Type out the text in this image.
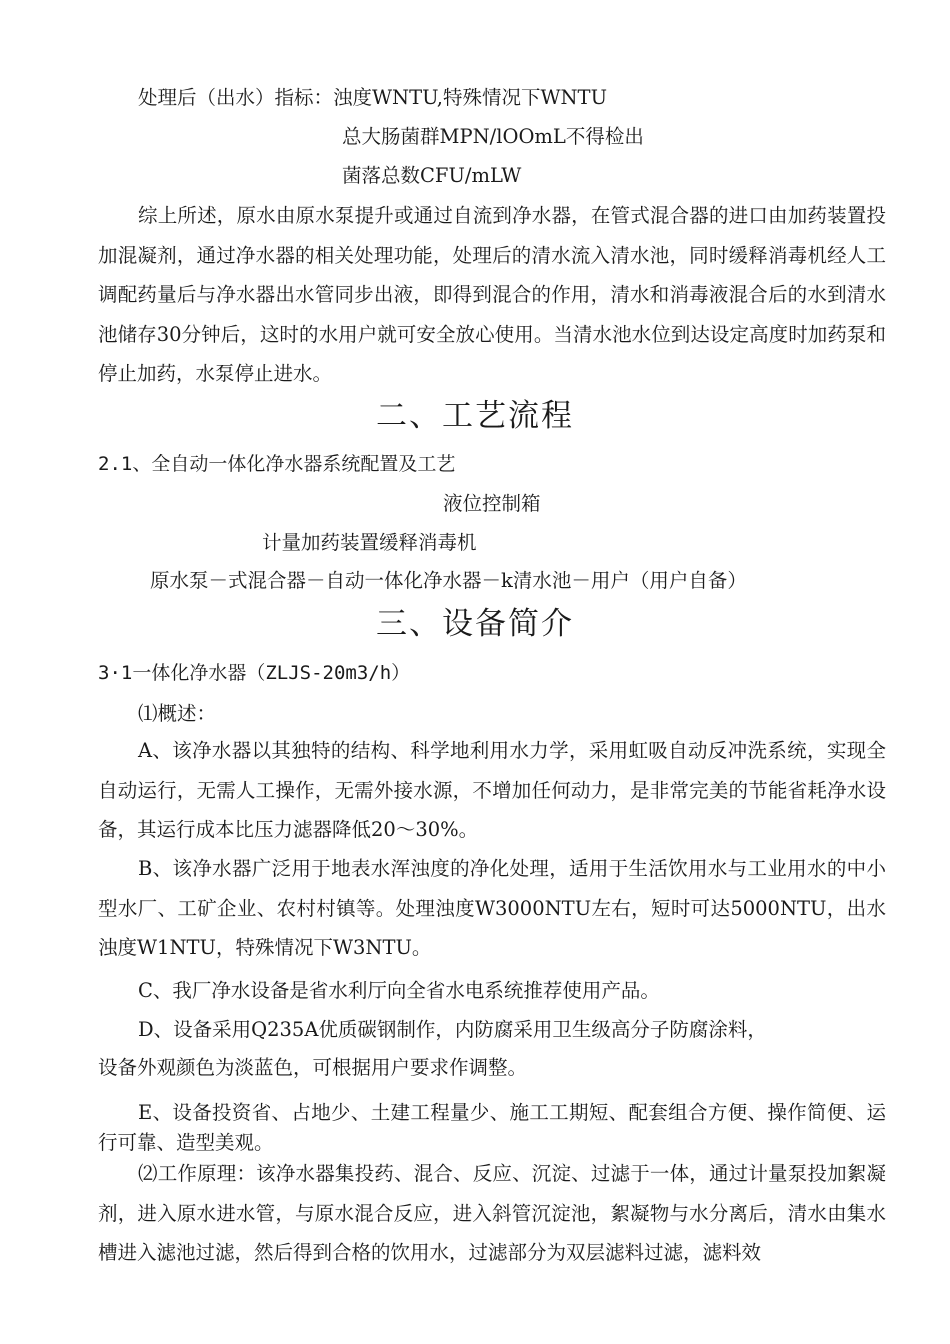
处理后（出水）指标：浊度WNTU,特殊情况下WNTU
总大肠菌群MPN/lOOmL不得检出
菌落总数CFU/mLW
综上所述，原水由原水泵提升或通过自流到净水器，在管式混合器的进口由加药装置投加混凝剂，通过净水器的相关处理功能，处理后的清水流入清水池，同时缓释消毒机经人工调配药量后与净水器出水管同步出液，即得到混合的作用，清水和消毒液混合后的水到清水池储存30分钟后，这时的水用户就可安全放心使用。当清水池水位到达设定高度时加药泵和停止加药，水泵停止进水。
二、工艺流程
2.1、全自动一体化净水器系统配置及工艺
液位控制箱
计量加药装置缓释消毒机
原水泵－式混合器－自动一体化净水器－k清水池－用户（用户自备）
三、设备简介
3·1一体化净水器（ZLJS-20m3/h）
⑴概述：
A、该净水器以其独特的结构、科学地利用水力学，采用虹吸自动反冲洗系统，实现全自动运行，无需人工操作，无需外接水源，不增加任何动力，是非常完美的节能省耗净水设备，其运行成本比压力滤器降低20〜30%。
B、该净水器广泛用于地表水浑浊度的净化处理，适用于生活饮用水与工业用水的中小型水厂、工矿企业、农村村镇等。处理浊度W3000NTU左右，短时可达5000NTU，出水浊度W1NTU，特殊情况下W3NTU。
C、我厂净水设备是省水利厅向全省水电系统推荐使用产品。
D、设备采用Q235A优质碳钢制作，内防腐采用卫生级高分子防腐涂料，
设备外观颜色为淡蓝色，可根据用户要求作调整。
E、设备投资省、占地少、土建工程量少、施工工期短、配套组合方便、操作简便、运行可靠、造型美观。
⑵工作原理：该净水器集投药、混合、反应、沉淀、过滤于一体，通过计量泵投加絮凝剂，进入原水进水管，与原水混合反应，进入斜管沉淀池，絮凝物与水分离后，清水由集水槽进入滤池过滤，然后得到合格的饮用水，过滤部分为双层滤料过滤，滤料效
